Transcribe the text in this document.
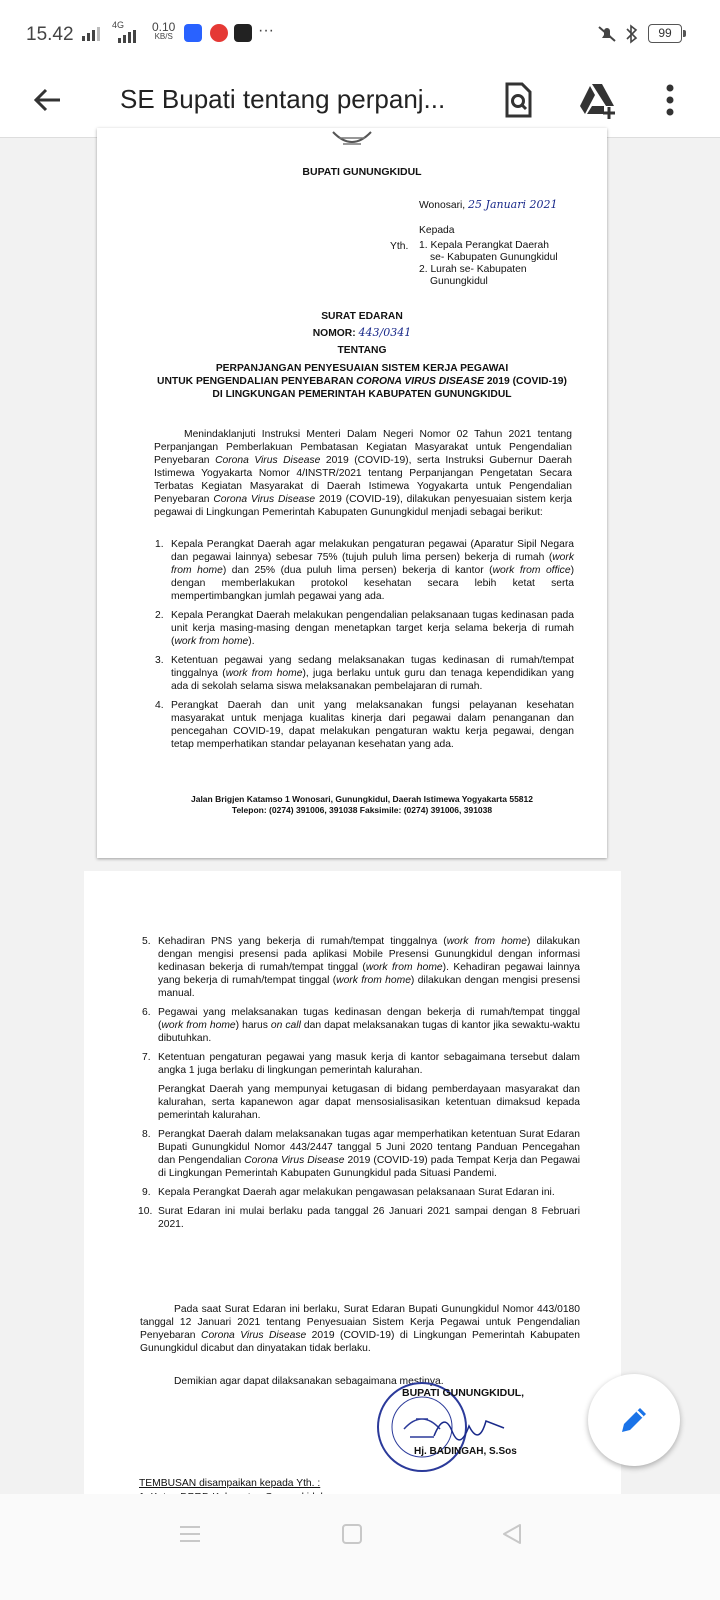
15.42	4G 0.10
KB/S	···	99
SE Bupati tentang perpanj...
BUPATI GUNUNGKIDUL
Wonosari, 25 Januari 2021
Kepada
Yth. 1. Kepala Perangkat Daerah
se- Kabupaten Gunungkidul
2. Lurah se- Kabupaten
Gunungkidul
SURAT EDARAN
NOMOR: 443/0341
TENTANG
PERPANJANGAN PENYESUAIAN SISTEM KERJA PEGAWAI
UNTUK PENGENDALIAN PENYEBARAN CORONA VIRUS DISEASE 2019 (COVID-19)
DI LINGKUNGAN PEMERINTAH KABUPATEN GUNUNGKIDUL
Menindaklanjuti Instruksi Menteri Dalam Negeri Nomor 02 Tahun 2021 tentang Perpanjangan Pemberlakuan Pembatasan Kegiatan Masyarakat untuk Pengendalian Penyebaran Corona Virus Disease 2019 (COVID-19), serta Instruksi Gubernur Daerah Istimewa Yogyakarta Nomor 4/INSTR/2021 tentang Perpanjangan Pengetatan Secara Terbatas Kegiatan Masyarakat di Daerah Istimewa Yogyakarta untuk Pengendalian Penyebaran Corona Virus Disease 2019 (COVID-19), dilakukan penyesuaian sistem kerja pegawai di Lingkungan Pemerintah Kabupaten Gunungkidul menjadi sebagai berikut:
1. Kepala Perangkat Daerah agar melakukan pengaturan pegawai (Aparatur Sipil Negara dan pegawai lainnya) sebesar 75% (tujuh puluh lima persen) bekerja di rumah (work from home) dan 25% (dua puluh lima persen) bekerja di kantor (work from office) dengan memberlakukan protokol kesehatan secara lebih ketat serta mempertimbangkan jumlah pegawai yang ada.
2. Kepala Perangkat Daerah melakukan pengendalian pelaksanaan tugas kedinasan pada unit kerja masing-masing dengan menetapkan target kerja selama bekerja di rumah (work from home).
3. Ketentuan pegawai yang sedang melaksanakan tugas kedinasan di rumah/tempat tinggalnya (work from home), juga berlaku untuk guru dan tenaga kependidikan yang ada di sekolah selama siswa melaksanakan pembelajaran di rumah.
4. Perangkat Daerah dan unit yang melaksanakan fungsi pelayanan kesehatan masyarakat untuk menjaga kualitas kinerja dari pegawai dalam penanganan dan pencegahan COVID-19, dapat melakukan pengaturan waktu kerja pegawai, dengan tetap memperhatikan standar pelayanan kesehatan yang ada.
Jalan Brigjen Katamso 1 Wonosari, Gunungkidul, Daerah Istimewa Yogyakarta 55812
Telepon: (0274) 391006, 391038 Faksimile: (0274) 391006, 391038
5. Kehadiran PNS yang bekerja di rumah/tempat tinggalnya (work from home) dilakukan dengan mengisi presensi pada aplikasi Mobile Presensi Gunungkidul dengan informasi kedinasan bekerja di rumah/tempat tinggal (work from home). Kehadiran pegawai lainnya yang bekerja di rumah/tempat tinggal (work from home) dilakukan dengan mengisi presensi manual.
6. Pegawai yang melaksanakan tugas kedinasan dengan bekerja di rumah/tempat tinggal (work from home) harus on call dan dapat melaksanakan tugas di kantor jika sewaktu-waktu dibutuhkan.
7. Ketentuan pengaturan pegawai yang masuk kerja di kantor sebagaimana tersebut dalam angka 1 juga berlaku di lingkungan pemerintah kalurahan.
Perangkat Daerah yang mempunyai ketugasan di bidang pemberdayaan masyarakat dan kalurahan, serta kapanewon agar dapat mensosialisasikan ketentuan dimaksud kepada pemerintah kalurahan.
8. Perangkat Daerah dalam melaksanakan tugas agar memperhatikan ketentuan Surat Edaran Bupati Gunungkidul Nomor 443/2447 tanggal 5 Juni 2020 tentang Panduan Pencegahan dan Pengendalian Corona Virus Disease 2019 (COVID-19) pada Tempat Kerja dan Pegawai di Lingkungan Pemerintah Kabupaten Gunungkidul pada Situasi Pandemi.
9. Kepala Perangkat Daerah agar melakukan pengawasan pelaksanaan Surat Edaran ini.
10. Surat Edaran ini mulai berlaku pada tanggal 26 Januari 2021 sampai dengan 8 Februari 2021.
Pada saat Surat Edaran ini berlaku, Surat Edaran Bupati Gunungkidul Nomor 443/0180 tanggal 12 Januari 2021 tentang Penyesuaian Sistem Kerja Pegawai untuk Pengendalian Penyebaran Corona Virus Disease 2019 (COVID-19) di Lingkungan Pemerintah Kabupaten Gunungkidul dicabut dan dinyatakan tidak berlaku.
Demikian agar dapat dilaksanakan sebagaimana mestinya.
BUPATI GUNUNGKIDUL,
Hj. BADINGAH, S.Sos
TEMBUSAN disampaikan kepada Yth. :
